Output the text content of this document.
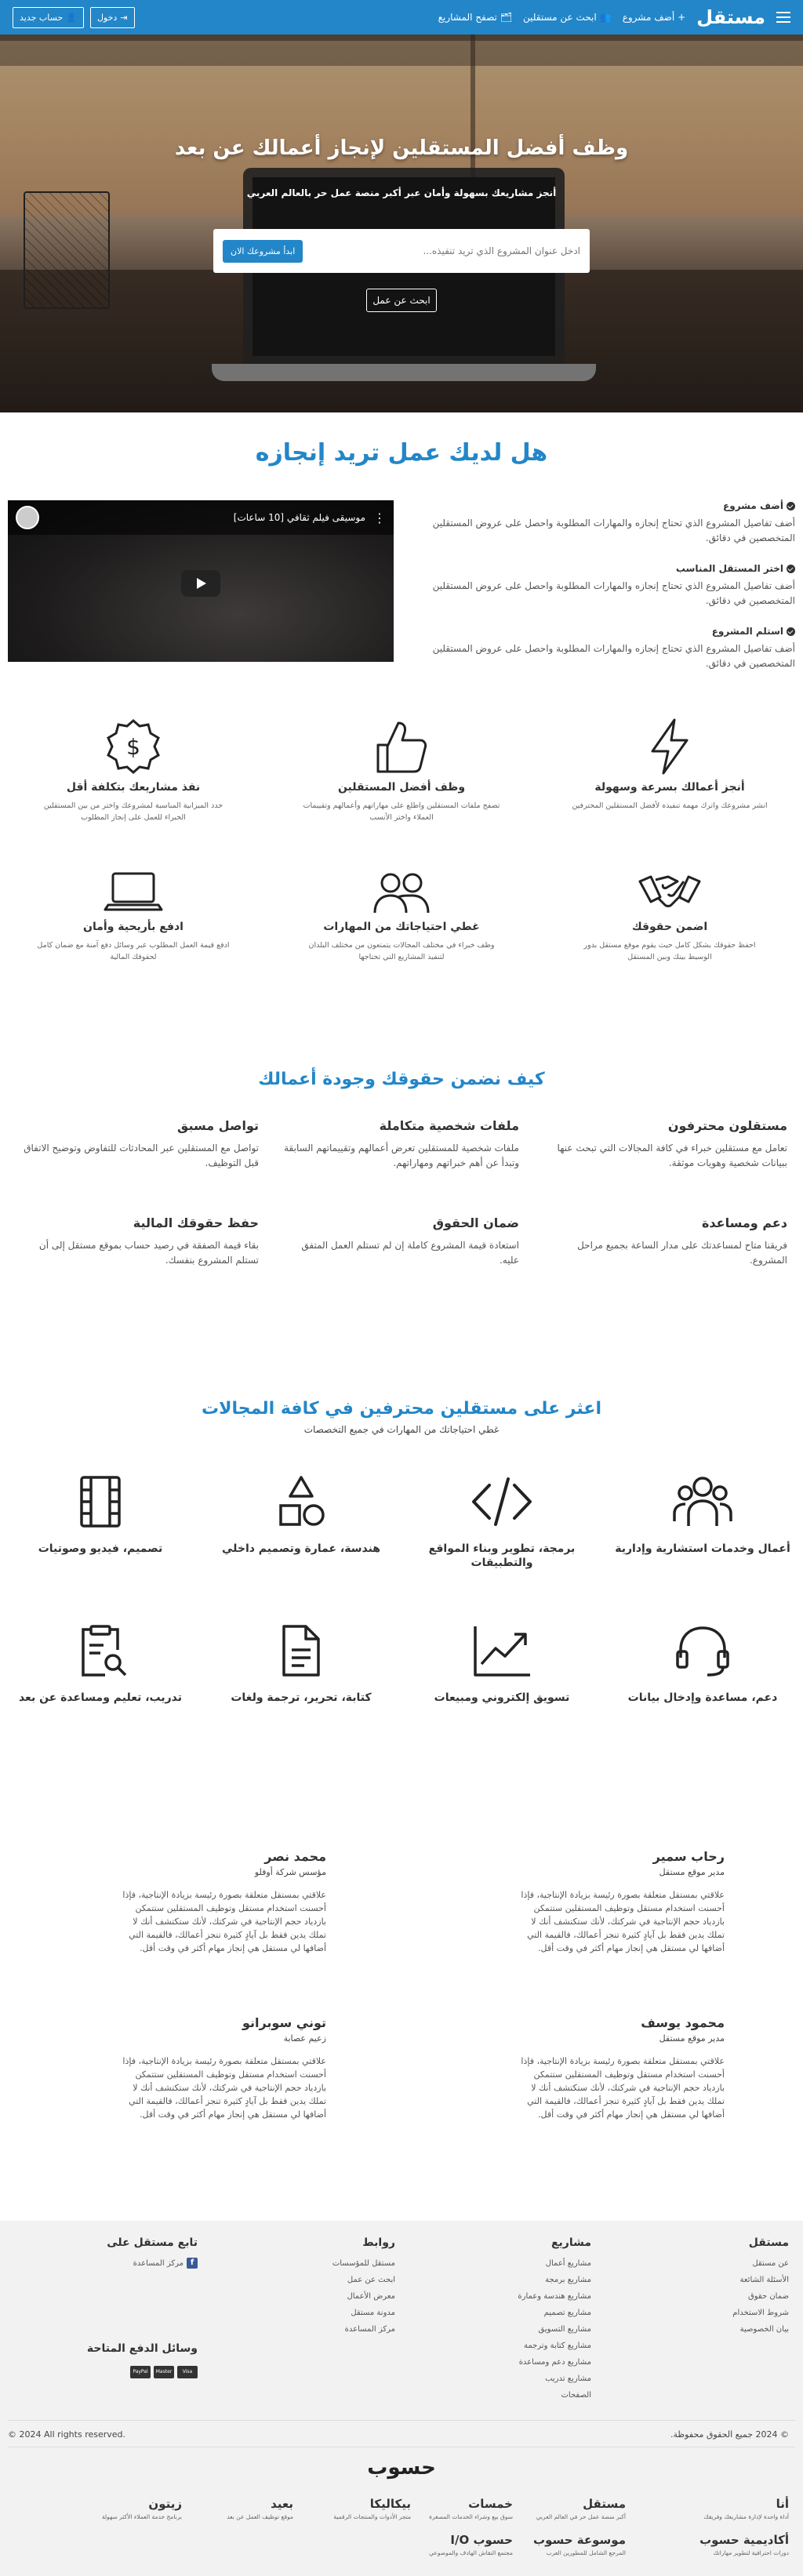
مستقل
+
أضف مشروع
👥
ابحث عن مستقلين
🗂
تصفح المشاريع
⇥
دخول
👤
حساب جديد
وظف أفضل المستقلين لإنجاز أعمالك عن بعد
أنجز مشاريعك بسهولة وأمان عبر أكبر منصة عمل حر بالعالم العربي
ادخل عنوان المشروع الذي تريد تنفيذه...
ابدأ مشروعك الان
ابحث عن عمل
هل لديك عمل تريد إنجازه
أضف مشروع
أضف تفاصيل المشروع الذي تحتاج إنجازه والمهارات المطلوبة واحصل على عروض المستقلين المتخصصين في دقائق.
اختر المستقل المناسب
أضف تفاصيل المشروع الذي تحتاج إنجازه والمهارات المطلوبة واحصل على عروض المستقلين المتخصصين في دقائق.
استلم المشروع
أضف تفاصيل المشروع الذي تحتاج إنجازه والمهارات المطلوبة واحصل على عروض المستقلين المتخصصين في دقائق.
موسيقى فيلم ثقافي [10 ساعات] ⋮
أنجز أعمالك بسرعة وسهولة
انشر مشروعك واترك مهمة تنفيذه لأفضل المستقلين المحترفين
وظف أفضل المستقلين
تصفح ملفات المستقلين واطلع على مهاراتهم وأعمالهم وتقييمات العملاء واختر الأنسب
$
نفذ مشاريعك بتكلفة أقل
حدد الميزانية المناسبة لمشروعك واختر من بين المستقلين الخبراء للعمل على إنجاز المطلوب
اضمن حقوقك
احفظ حقوقك بشكل كامل حيث يقوم موقع مستقل بدور الوسيط بينك وبين المستقل
غطي احتياجاتك من المهارات
وظف خبراء في مختلف المجالات يتمتعون من مختلف البلدان لتنفيذ المشاريع التي تحتاجها
ادفع بأريحية وأمان
ادفع قيمة العمل المطلوب عبر وسائل دفع آمنة مع ضمان كامل لحقوقك المالية
كيف نضمن حقوقك وجودة أعمالك
مستقلون محترفون
تعامل مع مستقلين خبراء في كافة المجالات التي تبحث عنها ببيانات شخصية وهويات موثقة.
ملفات شخصية متكاملة
ملفات شخصية للمستقلين تعرض أعمالهم وتقييماتهم السابقة وتبدأ عن أهم خبراتهم ومهاراتهم.
تواصل مسبق
تواصل مع المستقلين عبر المحادثات للتفاوض وتوضيح الاتفاق قبل التوظيف.
دعم ومساعدة
فريقنا متاح لمساعدتك على مدار الساعة بجميع مراحل المشروع.
ضمان الحقوق
استعادة قيمة المشروع كاملة إن لم تستلم العمل المتفق عليه.
حفظ حقوقك المالية
بقاء قيمة الصفقة في رصيد حساب بموقع مستقل إلى أن تستلم المشروع بنفسك.
اعثر على مستقلين محترفين في كافة المجالات
غطي احتياجاتك من المهارات في جميع التخصصات
أعمال وخدمات استشارية وإدارية
برمجة، تطوير وبناء المواقع والتطبيقات
هندسة، عمارة وتصميم داخلي
تصميم، فيديو وصوتيات
دعم، مساعدة وإدخال بيانات
تسويق إلكتروني ومبيعات
كتابة، تحرير، ترجمة ولغات
تدريب، تعليم ومساعدة عن بعد
رحاب سمير
مدير موقع مستقل
علاقتي بمستقل متعلقة بصورة رئيسة بزيادة الإنتاجية، فإذا أحسنت استخدام مستقل وتوظيف المستقلين ستتمكن بازدياد حجم الإنتاجية في شركتك، لأنك ستكتشف أنك لا تملك يدين فقط بل آيادٍ كثيرة تنجز أعمالك، فالقيمة التي أضافها لي مستقل هي إنجاز مهام أكثر في وقت أقل.
محمد نصر
مؤسس شركة أوفلو
علاقتي بمستقل متعلقة بصورة رئيسة بزيادة الإنتاجية، فإذا أحسنت استخدام مستقل وتوظيف المستقلين ستتمكن بازدياد حجم الإنتاجية في شركتك، لأنك ستكتشف أنك لا تملك يدين فقط بل آيادٍ كثيرة تنجز أعمالك، فالقيمة التي أضافها لي مستقل هي إنجاز مهام أكثر في وقت أقل.
محمود يوسف
مدير موقع مستقل
علاقتي بمستقل متعلقة بصورة رئيسة بزيادة الإنتاجية، فإذا أحسنت استخدام مستقل وتوظيف المستقلين ستتمكن بازدياد حجم الإنتاجية في شركتك، لأنك ستكتشف أنك لا تملك يدين فقط بل آيادٍ كثيرة تنجز أعمالك، فالقيمة التي أضافها لي مستقل هي إنجاز مهام أكثر في وقت أقل.
توني سوبرانو
زعيم عصابة
علاقتي بمستقل متعلقة بصورة رئيسة بزيادة الإنتاجية، فإذا أحسنت استخدام مستقل وتوظيف المستقلين ستتمكن بازدياد حجم الإنتاجية في شركتك، لأنك ستكتشف أنك لا تملك يدين فقط بل آيادٍ كثيرة تنجز أعمالك، فالقيمة التي أضافها لي مستقل هي إنجاز مهام أكثر في وقت أقل.
مستقل
عن مستقل
الأسئلة الشائعة
ضمان حقوق
شروط الاستخدام
بيان الخصوصية
مشاريع
مشاريع أعمال
مشاريع برمجة
مشاريع هندسة وعمارة
مشاريع تصميم
مشاريع التسويق
مشاريع كتابة وترجمة
مشاريع دعم ومساعدة
مشاريع تدريب
الصفحات
روابط
مستقل للمؤسسات
ابحث عن عمل
معرض الأعمال
مدونة مستقل
مركز المساعدة
تابع مستقل على
fمركز المساعدة
وسائل الدفع المتاحة
VisaMasterPayPal
© 2024 جميع الحقوق محفوظة.
© 2024 All rights reserved.
حسوب
أنا
أداة واحدة لإدارة مشاريعك وفريقك
مستقل
أكبر منصة عمل حر في العالم العربي
خمسات
سوق بيع وشراء الخدمات المصغرة
بيكاليكا
متجر الأدوات والمنتجات الرقمية
بعيد
موقع توظيف العمل عن بعد
زيتون
برنامج خدمة العملاء الأكثر سهولة
أكاديمية حسوب
دورات احترافية لتطوير مهاراتك
موسوعة حسوب
المرجع الشامل للمطورين العرب
حسوب I/O
مجتمع النقاش الهادف والموضوعي
